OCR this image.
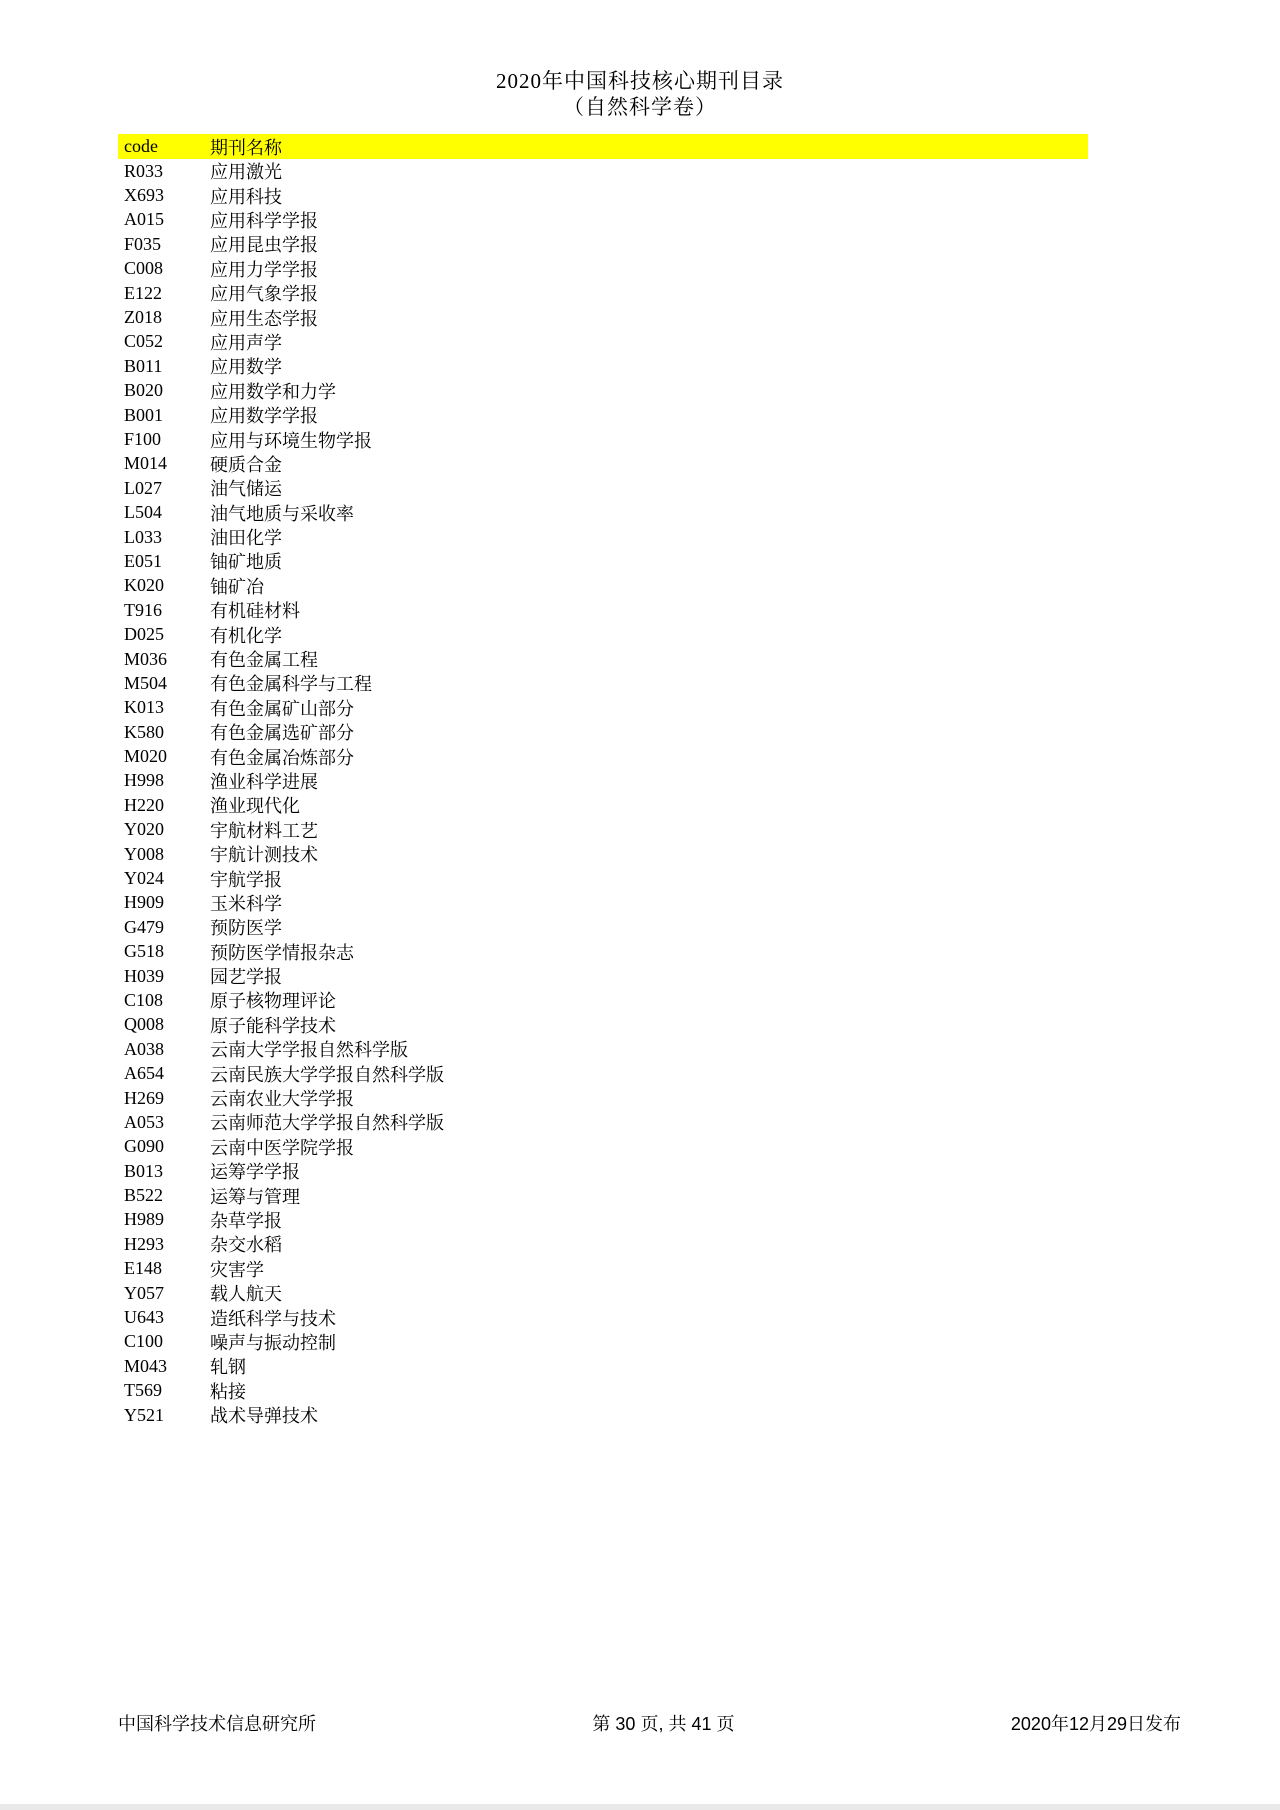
2020年中国科技核心期刊目录
（自然科学卷）
code	期刊名称
R033	应用激光
X693	应用科技
A015	应用科学学报
F035	应用昆虫学报
C008	应用力学学报
E122	应用气象学报
Z018	应用生态学报
C052	应用声学
B011	应用数学
B020	应用数学和力学
B001	应用数学学报
F100	应用与环境生物学报
M014	硬质合金
L027	油气储运
L504	油气地质与采收率
L033	油田化学
E051	铀矿地质
K020	铀矿冶
T916	有机硅材料
D025	有机化学
M036	有色金属工程
M504	有色金属科学与工程
K013	有色金属矿山部分
K580	有色金属选矿部分
M020	有色金属冶炼部分
H998	渔业科学进展
H220	渔业现代化
Y020	宇航材料工艺
Y008	宇航计测技术
Y024	宇航学报
H909	玉米科学
G479	预防医学
G518	预防医学情报杂志
H039	园艺学报
C108	原子核物理评论
Q008	原子能科学技术
A038	云南大学学报自然科学版
A654	云南民族大学学报自然科学版
H269	云南农业大学学报
A053	云南师范大学学报自然科学版
G090	云南中医学院学报
B013	运筹学学报
B522	运筹与管理
H989	杂草学报
H293	杂交水稻
E148	灾害学
Y057	载人航天
U643	造纸科学与技术
C100	噪声与振动控制
M043	轧钢
T569	粘接
Y521	战术导弹技术
中国科学技术信息研究所	第 30 页, 共 41 页	2020年12月29日发布
